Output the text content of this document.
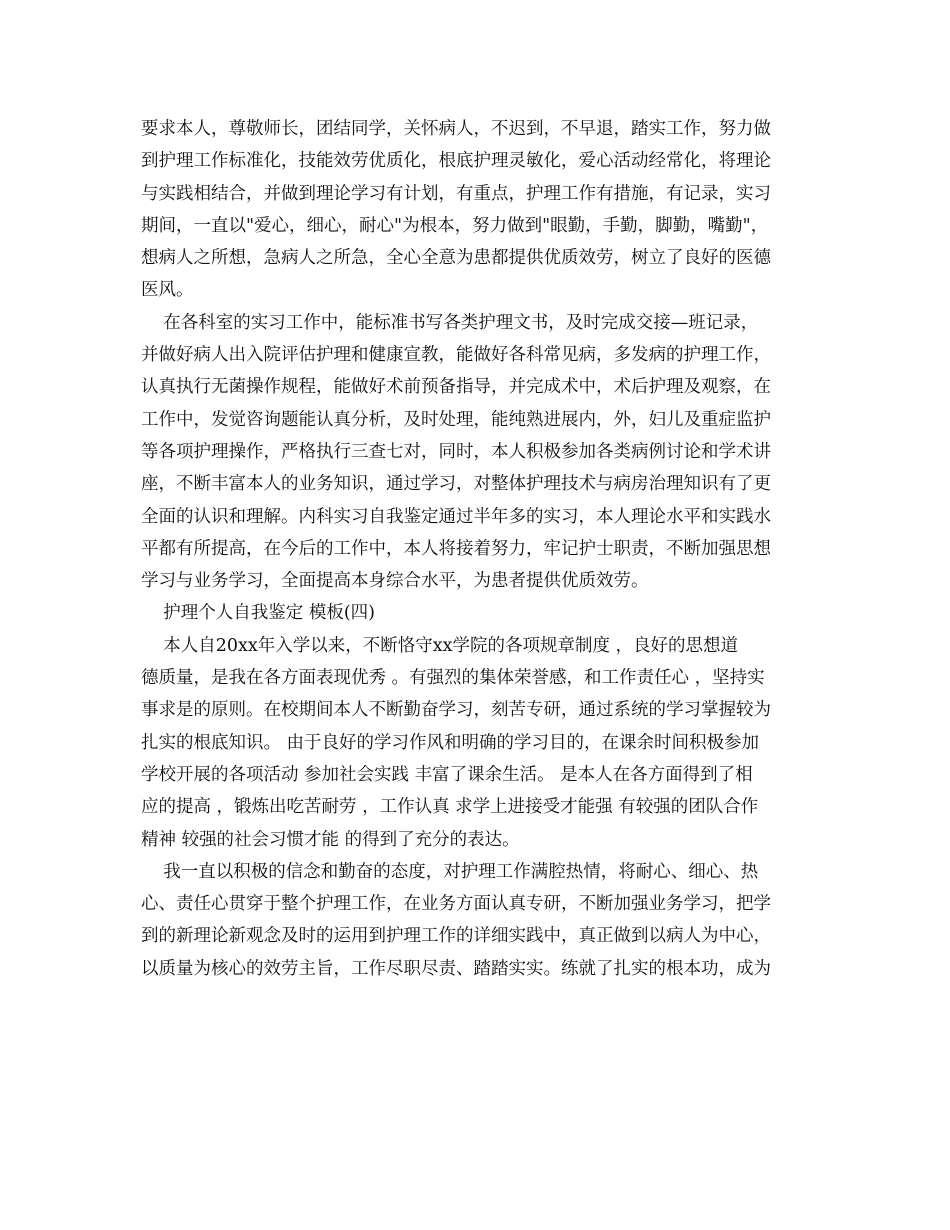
要求本人，尊敬师长，团结同学，关怀病人，不迟到，不早退，踏实工作，努力做
到护理工作标准化，技能效劳优质化，根底护理灵敏化，爱心活动经常化，将理论
与实践相结合，并做到理论学习有计划，有重点，护理工作有措施，有记录，实习
期间，一直以"爱心，细心，耐心"为根本，努力做到"眼勤，手勤，脚勤，嘴勤"，
想病人之所想，急病人之所急，全心全意为患都提供优质效劳，树立了良好的医德
医风。
在各科室的实习工作中，能标准书写各类护理文书，及时完成交接—班记录，
并做好病人出入院评估护理和健康宣教，能做好各科常见病，多发病的护理工作，
认真执行无菌操作规程，能做好术前预备指导，并完成术中，术后护理及观察，在
工作中，发觉咨询题能认真分析，及时处理，能纯熟进展内，外，妇儿及重症监护
等各项护理操作，严格执行三查七对，同时，本人积极参加各类病例讨论和学术讲
座，不断丰富本人的业务知识，通过学习，对整体护理技术与病房治理知识有了更
全面的认识和理解。内科实习自我鉴定通过半年多的实习，本人理论水平和实践水
平都有所提高，在今后的工作中，本人将接着努力，牢记护士职责，不断加强思想
学习与业务学习，全面提高本身综合水平，为患者提供优质效劳。
护理个人自我鉴定 模板(四)
本人自20xx年入学以来，不断恪守xx学院的各项规章制度 ，良好的思想道
德质量，是我在各方面表现优秀 。有强烈的集体荣誉感，和工作责任心 ，坚持实
事求是的原则。在校期间本人不断勤奋学习，刻苦专研，通过系统的学习掌握较为
扎实的根底知识。 由于良好的学习作风和明确的学习目的，在课余时间积极参加
学校开展的各项活动 参加社会实践 丰富了课余生活。 是本人在各方面得到了相
应的提高 ，锻炼出吃苦耐劳 ，工作认真 求学上进接受才能强 有较强的团队合作
精神 较强的社会习惯才能 的得到了充分的表达。
我一直以积极的信念和勤奋的态度，对护理工作满腔热情，将耐心、细心、热
心、责任心贯穿于整个护理工作，在业务方面认真专研，不断加强业务学习，把学
到的新理论新观念及时的运用到护理工作的详细实践中，真正做到以病人为中心，
以质量为核心的效劳主旨，工作尽职尽责、踏踏实实。练就了扎实的根本功，成为
